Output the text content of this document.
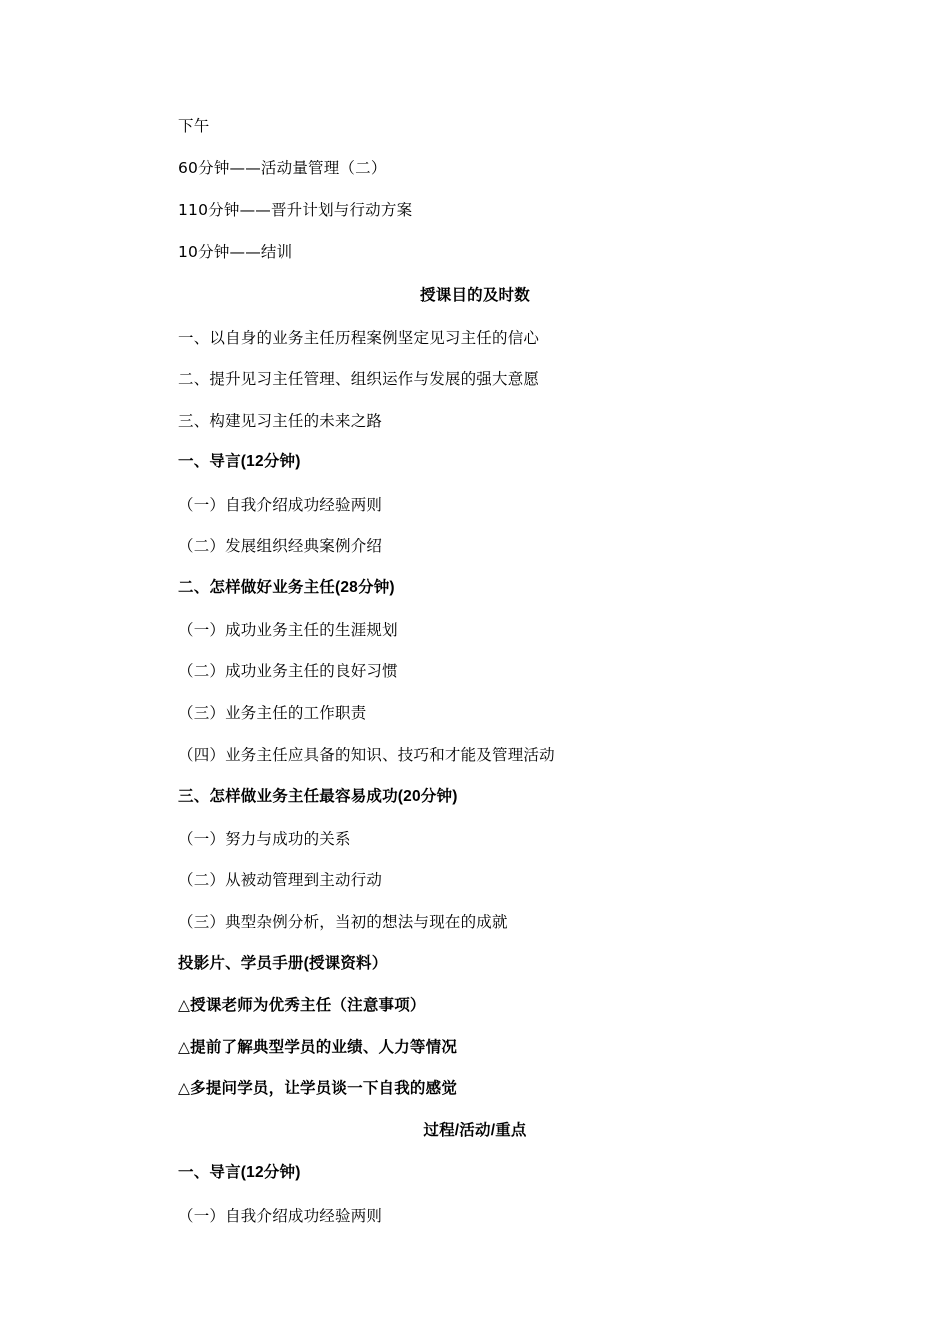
下午
60分钟——活动量管理（二）
110分钟——晋升计划与行动方案
10分钟——结训
授课目的及时数
一、以自身的业务主任历程案例坚定见习主任的信心
二、提升见习主任管理、组织运作与发展的强大意愿
三、构建见习主任的未来之路
一、导言(12分钟)
（一）自我介绍成功经验两则
（二）发展组织经典案例介绍
二、怎样做好业务主任(28分钟)
（一）成功业务主任的生涯规划
（二）成功业务主任的良好习惯
（三）业务主任的工作职责
（四）业务主任应具备的知识、技巧和才能及管理活动
三、怎样做业务主任最容易成功(20分钟)
（一）努力与成功的关系
（二）从被动管理到主动行动
（三）典型杂例分析，当初的想法与现在的成就
投影片、学员手册(授课资料）
△授课老师为优秀主任（注意事项）
△提前了解典型学员的业绩、人力等情况
△多提问学员，让学员谈一下自我的感觉
过程/活动/重点
一、导言(12分钟)
（一）自我介绍成功经验两则
